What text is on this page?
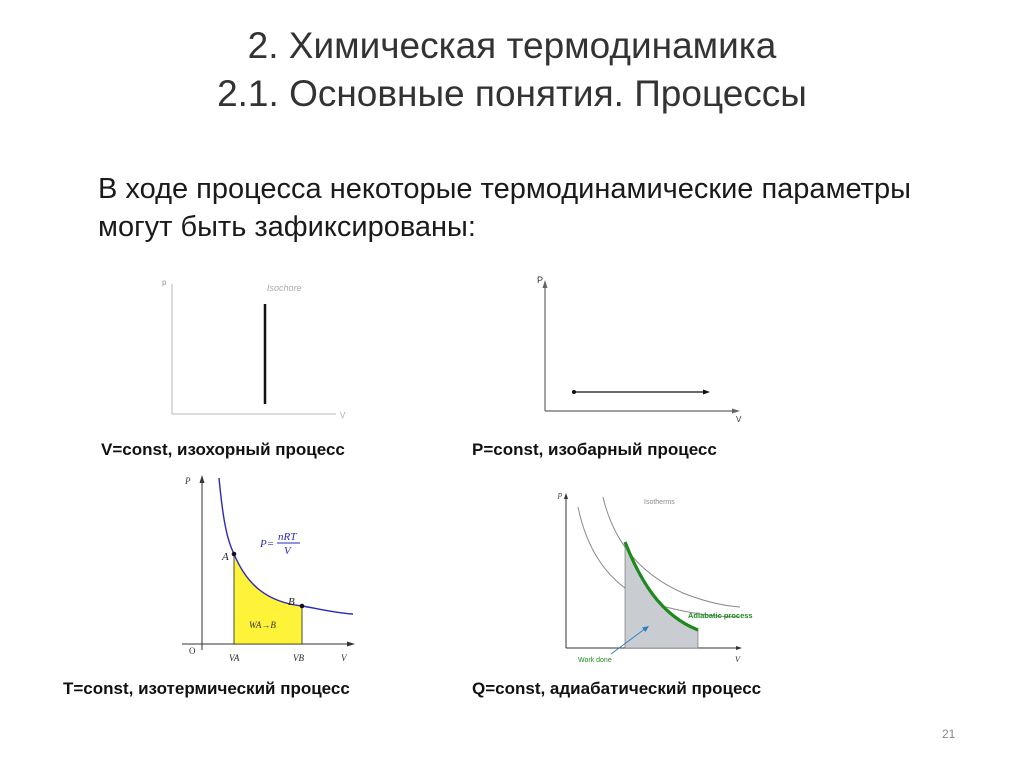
2. Химическая термодинамика
2.1. Основные понятия. Процессы
В ходе процесса некоторые термодинамические параметры могут быть зафиксированы:
p
V
Isochore
V=const, изохорный процесс
P
V
P=const, изобарный процесс
P
V
O
A
B
VA	VB
P=
nRT
V
WA→B
T=const, изотермический процесс
p
V
Isotherms
Adiabatic process
Work done
Q=const, адиабатический процесс
21
